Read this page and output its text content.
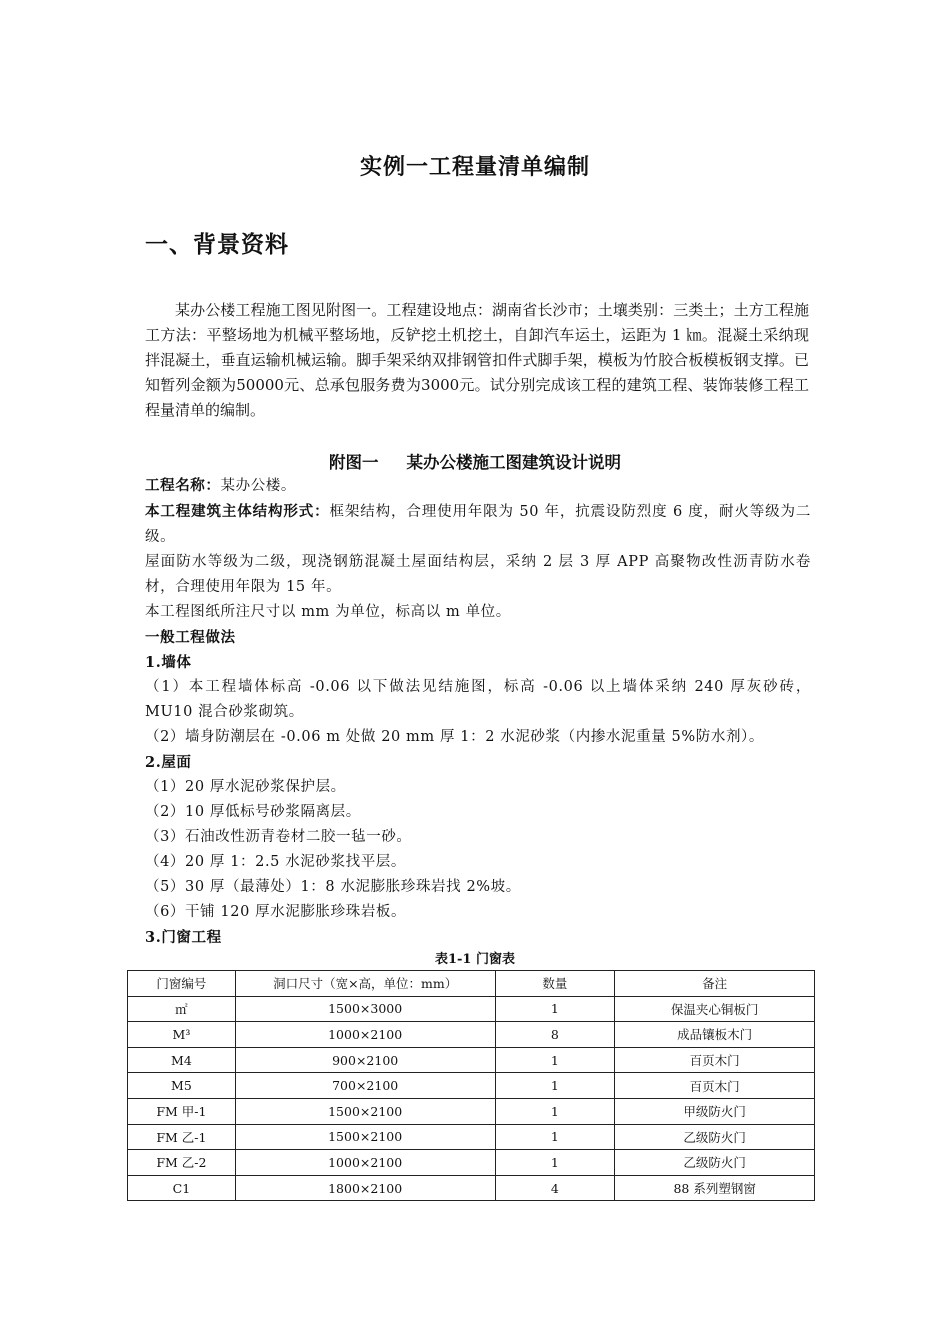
实例一工程量清单编制
一、背景资料

某办公楼工程施工图见附图一。工程建设地点：湖南省长沙市；土壤类别：三类土；土方工程施工方法：平整场地为机械平整场地，反铲挖土机挖土，自卸汽车运土，运距为 1 ㎞。混凝土采纳现拌混凝土，垂直运输机械运输。脚手架采纳双排钢管扣件式脚手架，模板为竹胶合板模板钢支撑。已知暂列金额为50000元、总承包服务费为3000元。试分别完成该工程的建筑工程、装饰装修工程工程量清单的编制。

附图一 某办公楼施工图建筑设计说明

工程名称：某办公楼。

本工程建筑主体结构形式：框架结构，合理使用年限为 50 年，抗震设防烈度 6 度，耐火等级为二级。

屋面防水等级为二级，现浇钢筋混凝土屋面结构层，采纳 2 层 3 厚 APP 高聚物改性沥青防水卷材，合理使用年限为 15 年。

本工程图纸所注尺寸以 mm 为单位，标高以 m 单位。

一般工程做法

1.墙体

（1）本工程墙体标高 -0.06 以下做法见结施图，标高 -0.06 以上墙体采纳 240 厚灰砂砖，MU10 混合砂浆砌筑。

（2）墙身防潮层在 -0.06 m 处做 20 mm 厚 1：2 水泥砂浆（内掺水泥重量 5%防水剂）。

2.屋面

（1）20 厚水泥砂浆保护层。

（2）10 厚低标号砂浆隔离层。

（3）石油改性沥青卷材二胶一毡一砂。

（4）20 厚 1：2.5 水泥砂浆找平层。

（5）30 厚（最薄处）1：8 水泥膨胀珍珠岩找 2%坡。

（6）干铺 120 厚水泥膨胀珍珠岩板。

3.门窗工程

表1-1 门窗表
门窗编号	洞口尺寸（宽×高，单位：mm）	数量	备注
㎡	1500×3000	1	保温夹心铜板门
M³	1000×2100	8	成品镶板木门
M4	900×2100	1	百页木门
M5	700×2100	1	百页木门
FM 甲-1	1500×2100	1	甲级防火门
FM 乙-1	1500×2100	1	乙级防火门
FM 乙-2	1000×2100	1	乙级防火门
C1	1800×2100	4	88 系列塑钢窗
